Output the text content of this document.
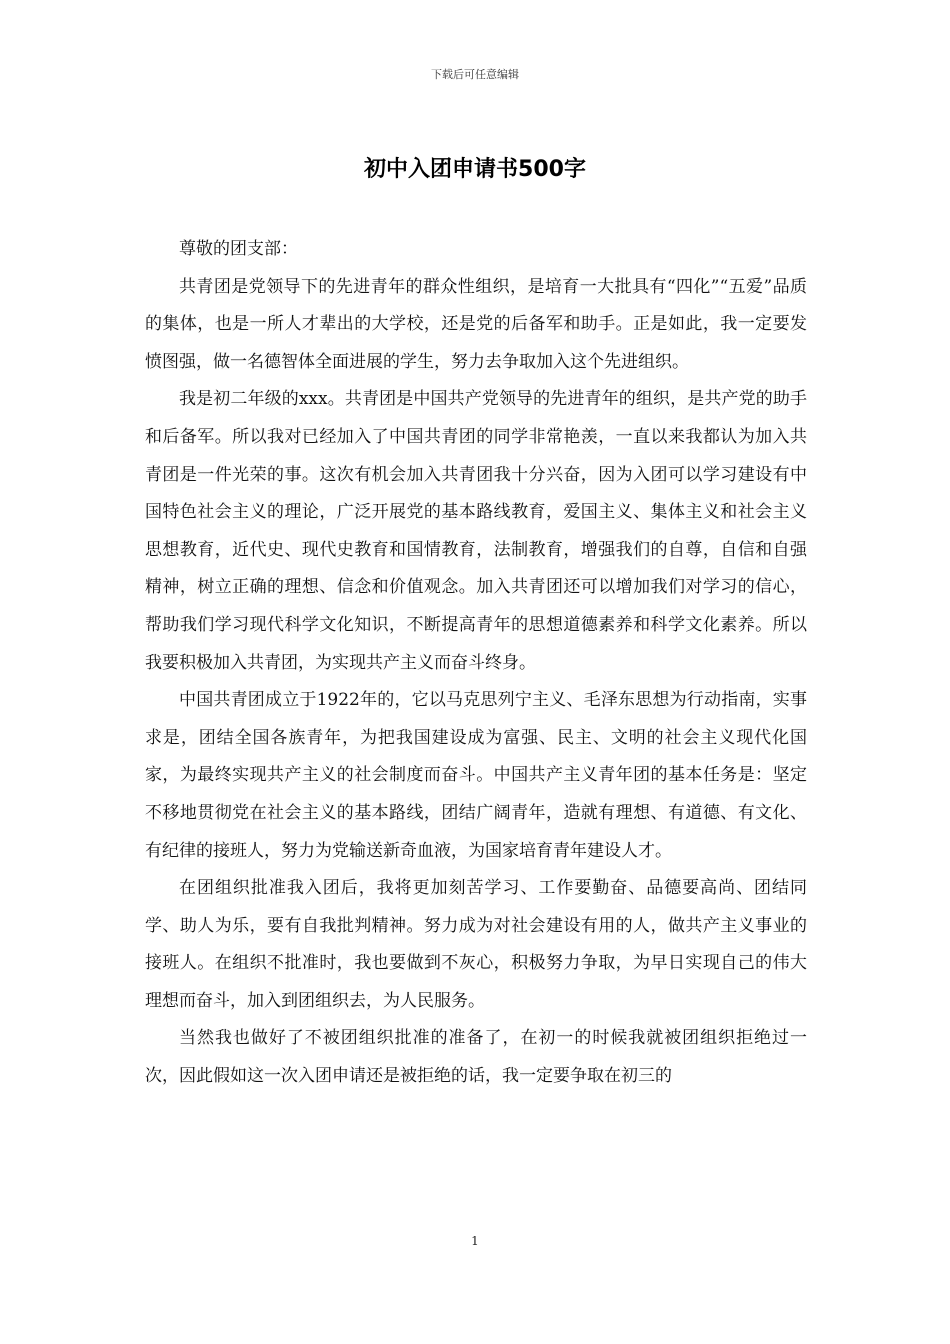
下载后可任意编辑
初中入团申请书500字

尊敬的团支部：

共青团是党领导下的先进青年的群众性组织，是培育一大批具有“四化”“五爱”品质的集体，也是一所人才辈出的大学校，还是党的后备军和助手。正是如此，我一定要发愤图强，做一名德智体全面进展的学生，努力去争取加入这个先进组织。

我是初二年级的xxx。共青团是中国共产党领导的先进青年的组织，是共产党的助手和后备军。所以我对已经加入了中国共青团的同学非常艳羡，一直以来我都认为加入共青团是一件光荣的事。这次有机会加入共青团我十分兴奋，因为入团可以学习建设有中国特色社会主义的理论，广泛开展党的基本路线教育，爱国主义、集体主义和社会主义思想教育，近代史、现代史教育和国情教育，法制教育，增强我们的自尊，自信和自强精神，树立正确的理想、信念和价值观念。加入共青团还可以增加我们对学习的信心，帮助我们学习现代科学文化知识，不断提高青年的思想道德素养和科学文化素养。所以我要积极加入共青团，为实现共产主义而奋斗终身。

中国共青团成立于1922年的，它以马克思列宁主义、毛泽东思想为行动指南，实事求是，团结全国各族青年，为把我国建设成为富强、民主、文明的社会主义现代化国家，为最终实现共产主义的社会制度而奋斗。中国共产主义青年团的基本任务是：坚定不移地贯彻党在社会主义的基本路线，团结广阔青年，造就有理想、有道德、有文化、有纪律的接班人，努力为党输送新奇血液，为国家培育青年建设人才。

在团组织批准我入团后，我将更加刻苦学习、工作要勤奋、品德要高尚、团结同学、助人为乐，要有自我批判精神。努力成为对社会建设有用的人，做共产主义事业的接班人。在组织不批准时，我也要做到不灰心，积极努力争取，为早日实现自己的伟大理想而奋斗，加入到团组织去，为人民服务。

当然我也做好了不被团组织批准的准备了，在初一的时候我就被团组织拒绝过一次，因此假如这一次入团申请还是被拒绝的话，我一定要争取在初三的

1
